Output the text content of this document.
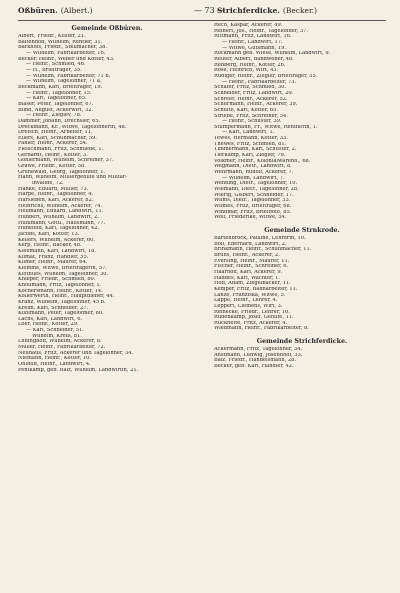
Oßbüren. (Albert.)	— 73 —
Strichferdicke. (Becker.)
Gemeinde Oßbüren.
Albert, Friedr., Küster, 21.
Baltenhoff, Wilhelm, Rentier, 31.
Barkhofs, Friedr., Stellmacher, 38.
— Wilhelm, Fabrikarbeiter, 16.
Becker, Heinr., Weber und Kötter, 43.
— Heinr., Schmied, 46.
— H., Briefträger, 35.
— Wilhelm, Fabrikarbeiter, 71 b.
— Wilhelm, Tagelöhner, 71 a.
Beckmann, Karl, Briefträger, 19.
— Heinr., Tagelöhner, 15.
— Karl, Tagelöhner, 65.
Bläser, Peter, Tagelöhner, 67.
Blind, August, Ackerwirt, 32.
— Heinr., Zieglev, 78.
Dammer, Johann, Drechsler, 65.
Dreckmann, Kr., Witwe, Tagelöhnerin, 48.
Dreisch, Heinr., Arbeiter, 11.
Eilers, Karl, Schuhmacher, 59.
Fahler, Heinr., Ackerer, 54.
Fleischmann, Fritz, Schmiede, 1.
Gerhardt, Heinr., Kötter, 3.
Göhlermann, Wilhelm, Schreiner, 37.
Gräwe, Friedr., Kötter, 58.
Grünewald, Georg, Tagelöhner, 1.
Hahn, Wilhelm, Müllergehilfe und Militär-
invalide, 72.
Hanke, Eduard, Müller, 73.
Harpe, Heinr., Tagelöhner, 4.
Harsleben, Karl, Ackerer, 82.
Heinrichs, Wilhelm, Ackerer, 74.
Hellmann, Eduard, Landwirt, 11.
Hubbert, Wilhelm, Landwirt, 2.
Huhlmann, Gottl., Hausmann, 77.
Hünefeld, Karl, Tagelöhner, 42.
Jacobs, Karl, Kötter, 13.
Kellers, Wilhelm, Ackerer, 60.
Kerp, Heinr., Bäcker, 48.
Kleemann, Karl, Landwirt, 18.
Klimat, Franz, Händler, 55.
Klimer, Heinr., Maurer, 64.
Klemme, Witwe, Briefträgerin, 57.
Klothues, Wilhelm, Tagelöhner, 30.
Knieper, Friedr., Schmied, 80.
Knollmann, Fritz, Tagelöhner, 1.
Kochersmann, Heinr., Kötter, 14.
Köllerwerth, Heinr., Hauptdiener, 44.
Kranz, Wilhelm, Tagelöhner, 45 b.
Kreim, Karl, Schneider, 27.
Kuhlmann, Peter, Tagelöhner, 80.
Lachs, Karl, Landwirt, 6.
Löer, Heinr., Kötter, 29.
— Karl, Schneider, 51.
Wilhelm, Kreiß, 81.
Lüdinghoff, Wilhelm, Ackerer, 8.
Müller, Heinr., Fabrikarbeiter, 72.
Neuhaus, Fritz, Ackerer und Tagelöhner, 34.
Niemann, Heinr., Kötter, 10.
Ohlhoff, Heinr., Landwirt, 4.
Pentkamp, geb. Balz, Wilhelm, Landwirtin, 21.
Rech, Kaspar, Ackerer, 49.
Reinert, Jos., Heinr., Tagelöhner, 37.
Rittmann, Fritz, Landwirt, 16.
— Heinr., Landwirt, 17.
— Witwe, Gutsmann, 19.
Rockmann geb. Wiese, Wilhelm, Landwirt, 9.
Reuter, Albert, Bandweber, 48.
Rehberg, Heinr., Kötter, 26.
Rose, Heinrich, Wirt, 43.
Rüdiger, Heinr., Ziegler, Briefträger, 55.
— Heinr., Fabrikarbeiter, 73.
Schäfer, Fritz, Schmied, 30.
Schneider, Fritz, Landwirt, 20.
Schreer, Heinr., Ackerer, 52.
Schürmann, Heinr., Ackerer, 39.
Schulte, Karl, Kötter, 65.
Striebe, Fritz, Schreiner, 54.
— Heinr., Schuster, 39.
Stümpermann, Fr., Witwe, Rentnerin, 1.
— Karl, Landwirt, 1.
Tewes, Hermann, Kötter, 33.
Thewes, Fritz, Schmied, 81.
Timmermann, Karl, Schuster, 2.
Tierkamp, Karl, Ziegler, 79.
Volkmer, Heinr., Kolonialwarenh., 68.
Wegmann, Dietr., Landwirt, 8.
Wehrmann, Rudolf, Ackerer, 7.
— Wilhelm, Landwirt, 7.
Wenning, Dietr., Tagelöhner, 10.
Wiemann, Dietr., Tagelöhner, 28.
Wierig, Gisbert, Schneider, 17.
Wilms, Dietr., Tagelöhner, 33.
Wilmes, Fritz, Briefträger, 68.
Windmar, Fritz, Briefbote, 85.
Wolf, Friederike, Witwe, 54.
Gemeinde Strnkrode.
Bartenbröck, Pauline, Lehrerin, 10.
Böll, Eberhard, Landwirt, 2.
Brinkmann, Heinr., Schuhmacher, 11.
Bruhs, Heinr., Ackerer, 2.
Eversing, Heinr., Maurer, 11.
Fischer, Heinr., Schreiner, 6.
Haarhoff, Karl, Ackerer, 9.
Haddes, Karl, Wächter, 1.
Hoff, Adam, Ziegelbäcker, 11.
Kemper, Fritz, Bahnarbeiter, 11.
Lanze, Franziska, Witwe, 5.
Lappe, Heinr., Lehrer, 4.
Leppert, Clemens, Wirt, 3.
Reinecke, Friedr., Lehrer, 10.
Rüdenkamp, Josef, Gehilfe, 11.
Rückhefte, Fritz, Ackerer, 4.
Wiedmann, Heinr., Fabrikarbeiter, 8.
Gemeinde Strichferdicke.
Ackermann, Fritz, Tagelöhner, 34.
Anstmann, Ludwig, Josefinhof, 33.
Balz, Friedr., Handelsmann, 28.
Becker, geb. Karl, Händler, 42.
